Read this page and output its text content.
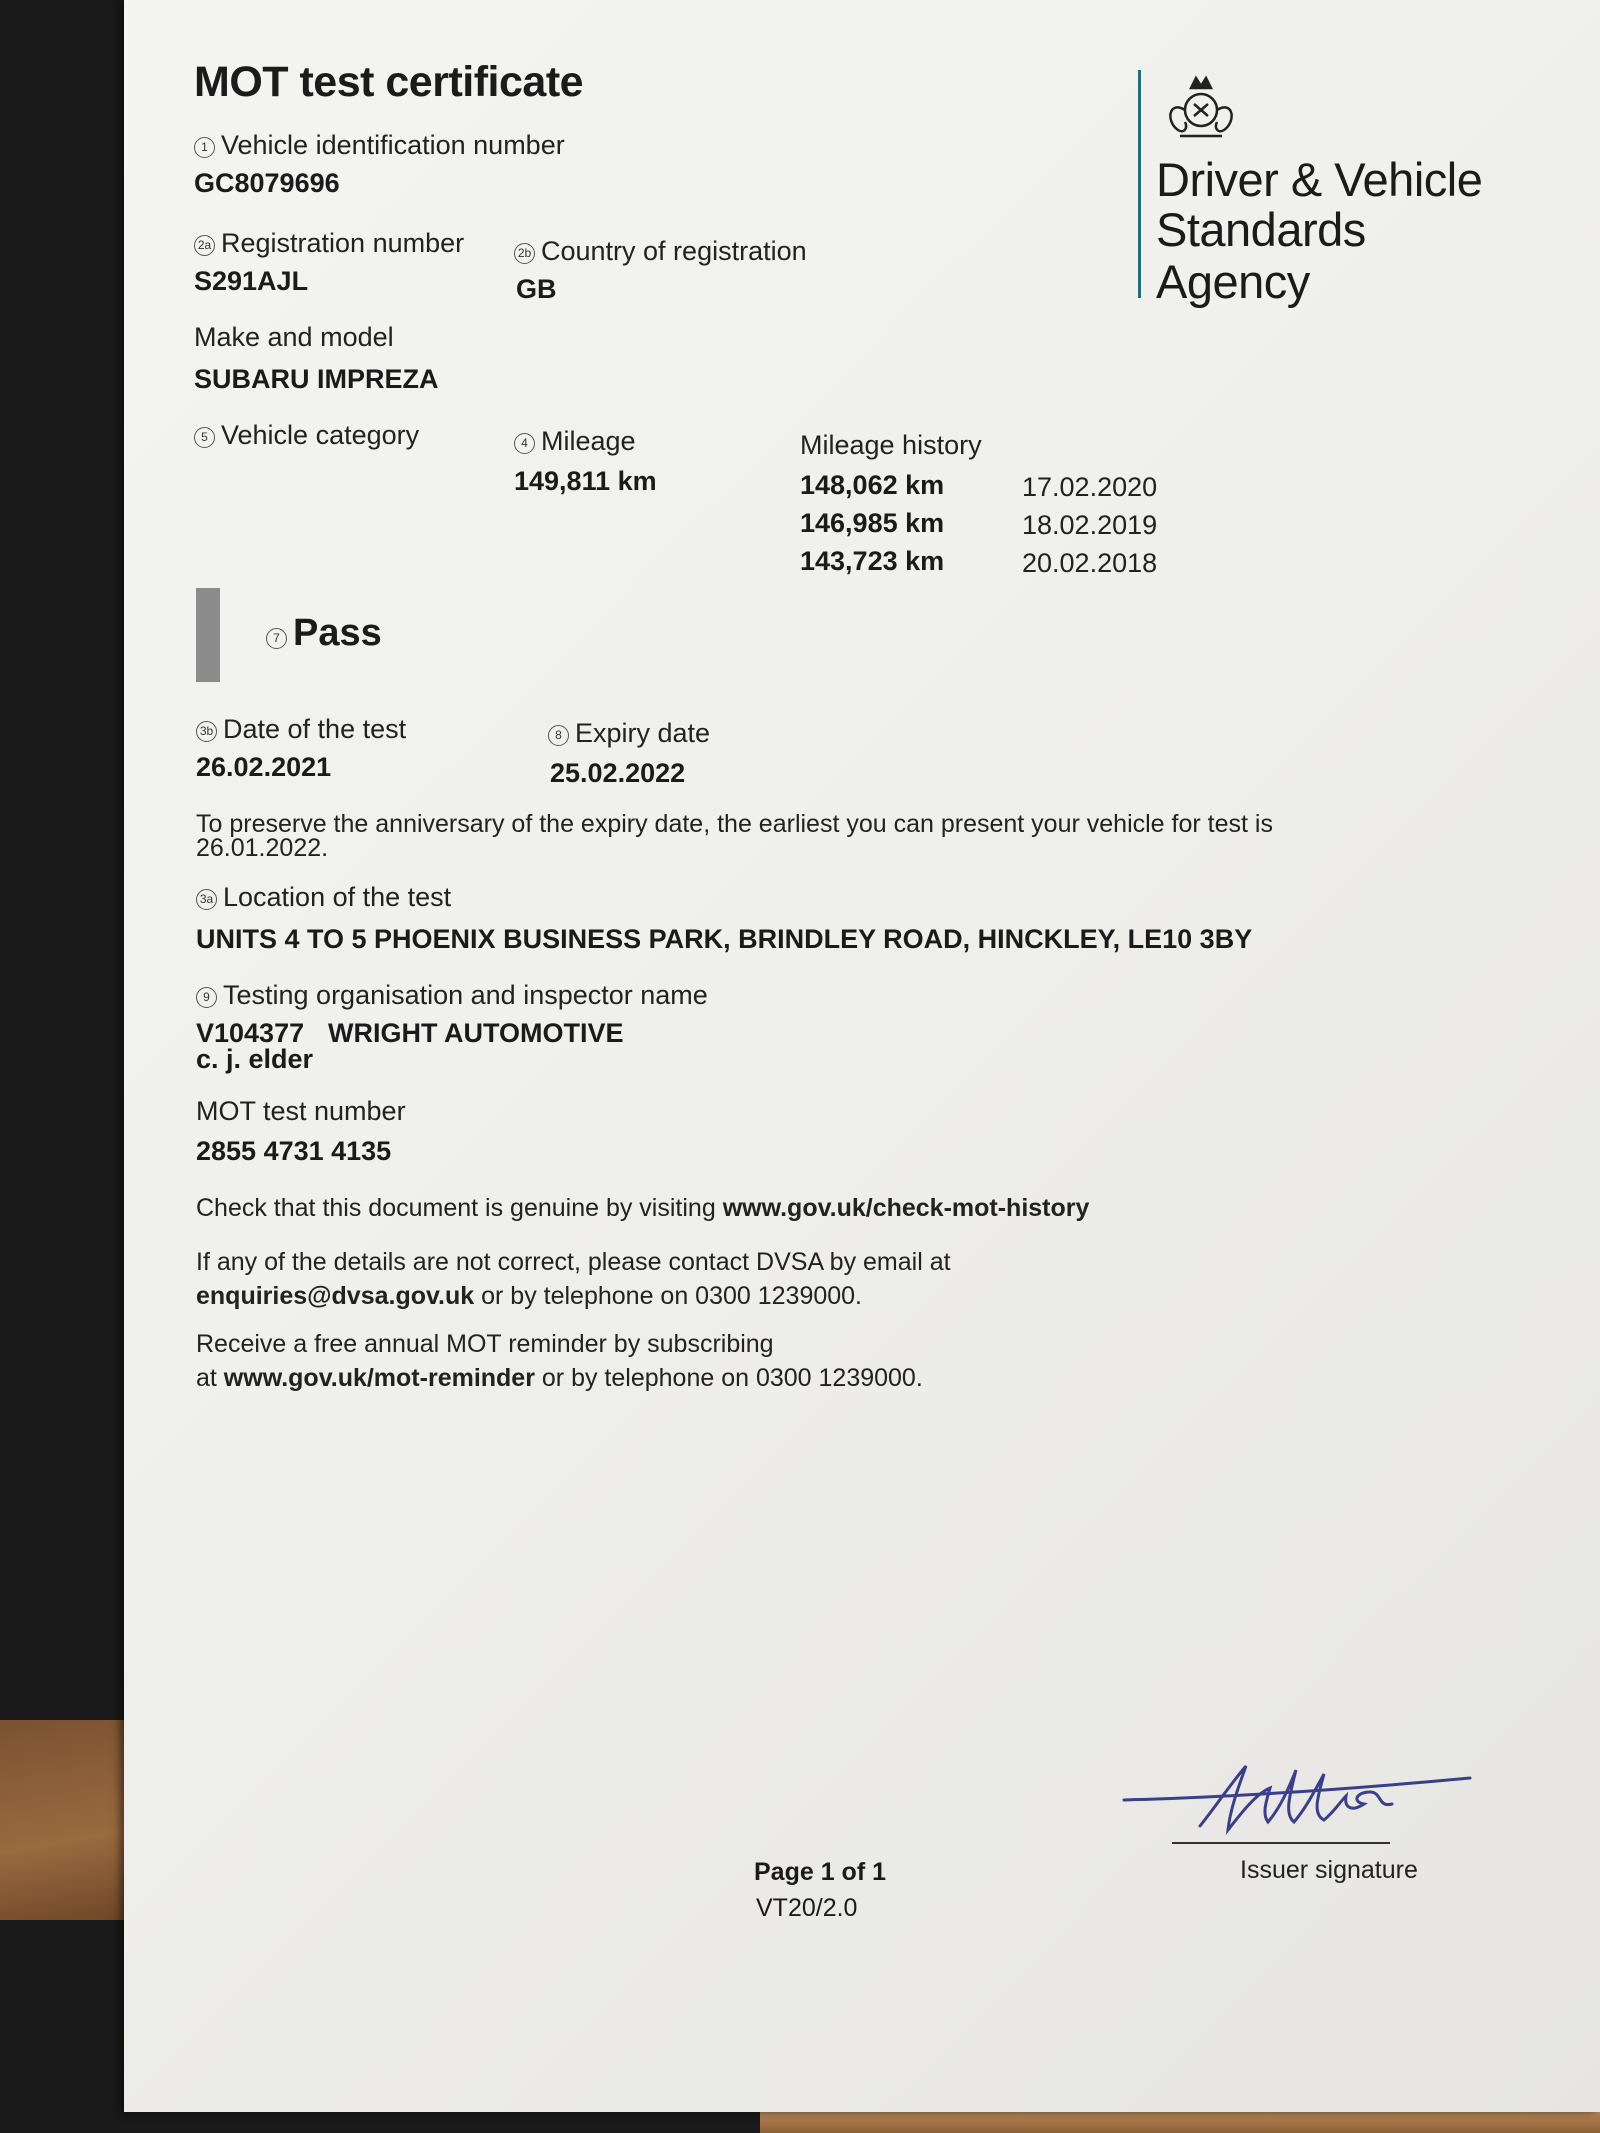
MOT test certificate
Driver & Vehicle
Standards
Agency
1 Vehicle identification number
GC8079696
2a Registration number
S291AJL
2b Country of registration
GB
Make and model
SUBARU IMPREZA
5 Vehicle category	4 Mileage
149,811 km
Mileage history
148,062 km	17.02.2020
146,985 km	18.02.2019
143,723 km	20.02.2018
7 Pass
3b Date of the test
26.02.2021
8 Expiry date
25.02.2022
To preserve the anniversary of the expiry date, the earliest you can present your vehicle for test is
26.01.2022.
3a Location of the test
UNITS 4 TO 5 PHOENIX BUSINESS PARK, BRINDLEY ROAD, HINCKLEY, LE10 3BY
9 Testing organisation and inspector name
V104377 WRIGHT AUTOMOTIVE
c. j. elder
MOT test number
2855 4731 4135
Check that this document is genuine by visiting www.gov.uk/check-mot-history
If any of the details are not correct, please contact DVSA by email at
enquiries@dvsa.gov.uk or by telephone on 0300 1239000.
Receive a free annual MOT reminder by subscribing
at www.gov.uk/mot-reminder or by telephone on 0300 1239000.
Issuer signature
Page 1 of 1
VT20/2.0
